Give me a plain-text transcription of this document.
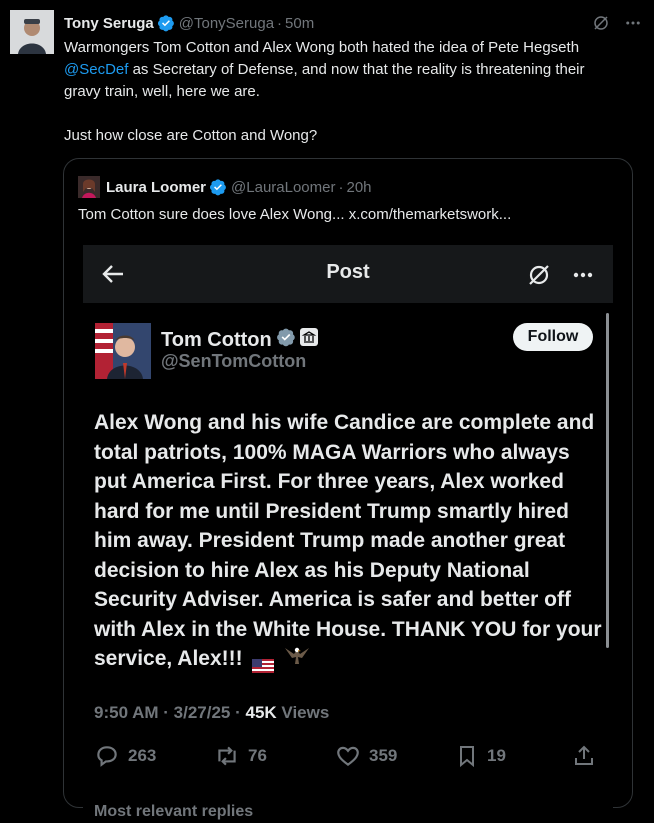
Tony Seruga @TonySeruga · 50m

Warmongers Tom Cotton and Alex Wong both hated the idea of Pete Hegseth

@SecDef as Secretary of Defense, and now that the reality is threatening their

gravy train, well, here we are.

Just how close are Cotton and Wong?

Laura Loomer @LauraLoomer · 20h
Tom Cotton sure does love Alex Wong... x.com/themarketswork...
Post
Tom Cotton
@SenTomCotton
Follow
Alex Wong and his wife Candice are complete and total patriots, 100% MAGA Warriors who always put America First. For three years, Alex worked hard for me until President Trump smartly hired him away. President Trump made another great decision to hire Alex as his Deputy National Security Adviser. America is safer and better off with Alex in the White House. THANK YOU for your service, Alex!!!
9:50 AM · 3/27/25 · 45K Views
263	76	359	19
Most relevant replies
